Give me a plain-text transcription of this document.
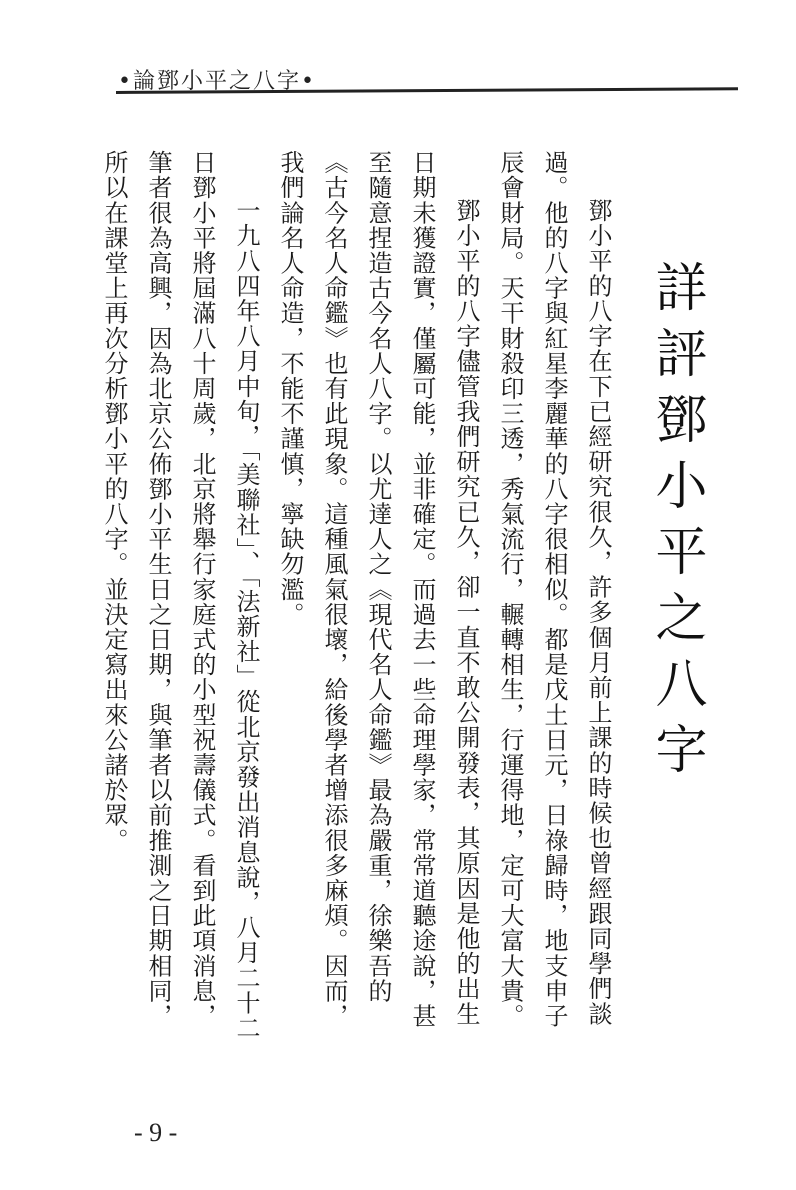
•論鄧小平之八字•
詳評鄧小平之八字

鄧小平的八字在下已經研究很久，許多個月前上課的時候也曾經跟同學們談過。他的八字與紅星李麗華的八字很相似。都是戊土日元，日祿歸時，地支申子辰會財局。天干財殺印三透，秀氣流行，輾轉相生，行運得地，定可大富大貴。

鄧小平的八字儘管我們研究已久，卻一直不敢公開發表，其原因是他的出生日期未獲證實，僅屬可能，並非確定。而過去一些命理學家，常常道聽途說，甚至隨意捏造古今名人八字。以尤達人之《現代名人命鑑》最為嚴重，徐樂吾的《古今名人命鑑》也有此現象。這種風氣很壞，給後學者增添很多麻煩。因而，我們論名人命造，不能不謹慎，寧缺勿濫。

一九八四年八月中旬，「美聯社」、「法新社」從北京發出消息說，八月二十二日鄧小平將屆滿八十周歲，北京將舉行家庭式的小型祝壽儀式。看到此項消息，筆者很為高興，因為北京公佈鄧小平生日之日期，與筆者以前推測之日期相同，所以在課堂上再次分析鄧小平的八字。並決定寫出來公諸於眾。

- 9 -
